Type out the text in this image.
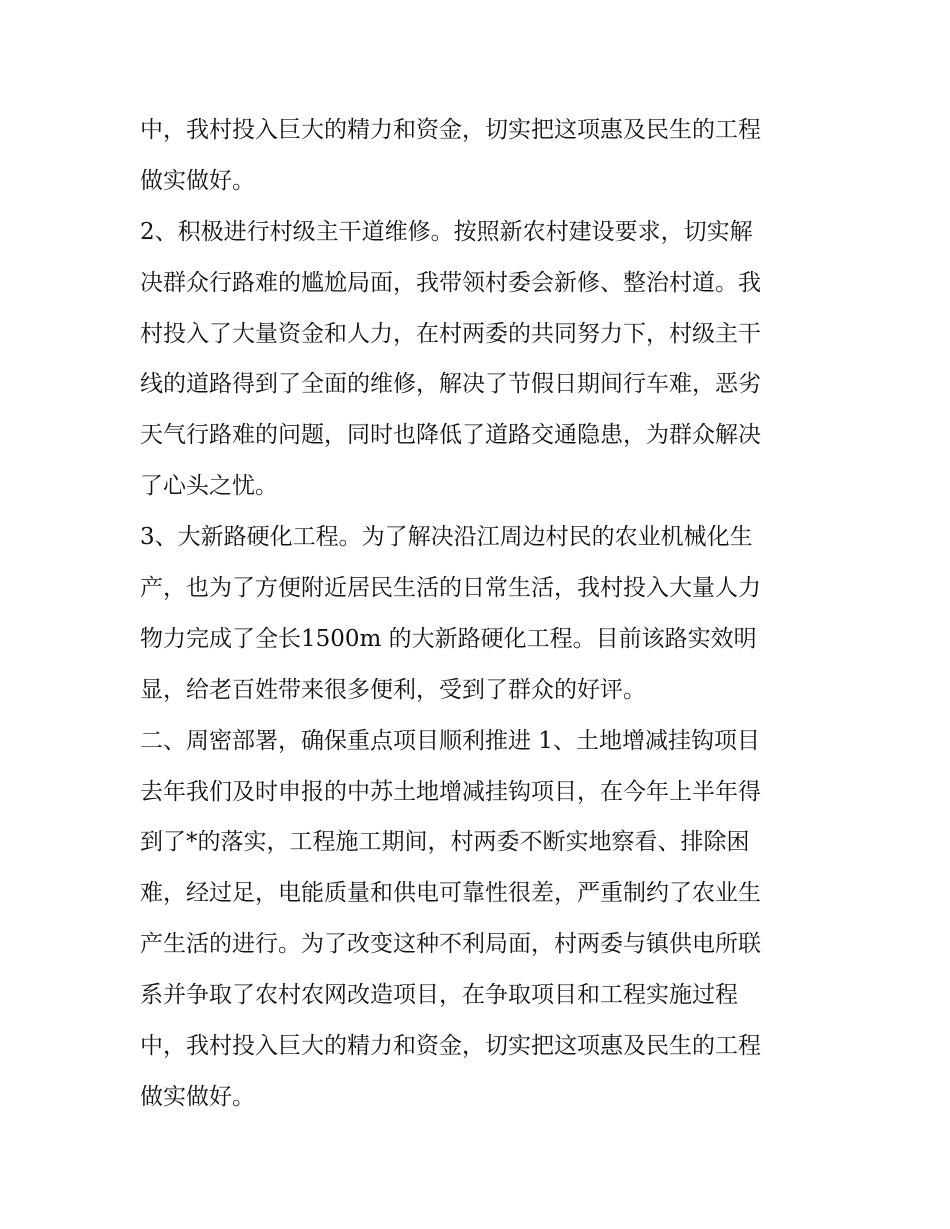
中，我村投入巨大的精力和资金，切实把这项惠及民生的工程
做实做好。
2、积极进行村级主干道维修。按照新农村建设要求，切实解
决群众行路难的尴尬局面，我带领村委会新修、整治村道。我
村投入了大量资金和人力，在村两委的共同努力下，村级主干
线的道路得到了全面的维修，解决了节假日期间行车难，恶劣
天气行路难的问题，同时也降低了道路交通隐患，为群众解决
了心头之忧。
3、大新路硬化工程。为了解决沿江周边村民的农业机械化生
产，也为了方便附近居民生活的日常生活，我村投入大量人力
物力完成了全长1500m 的大新路硬化工程。目前该路实效明
显，给老百姓带来很多便利，受到了群众的好评。
二、周密部署，确保重点项目顺利推进 1、土地增减挂钩项目
去年我们及时申报的中苏土地增减挂钩项目，在今年上半年得
到了*的落实，工程施工期间，村两委不断实地察看、排除困
难，经过足，电能质量和供电可靠性很差，严重制约了农业生
产生活的进行。为了改变这种不利局面，村两委与镇供电所联
系并争取了农村农网改造项目，在争取项目和工程实施过程
中，我村投入巨大的精力和资金，切实把这项惠及民生的工程
做实做好。
